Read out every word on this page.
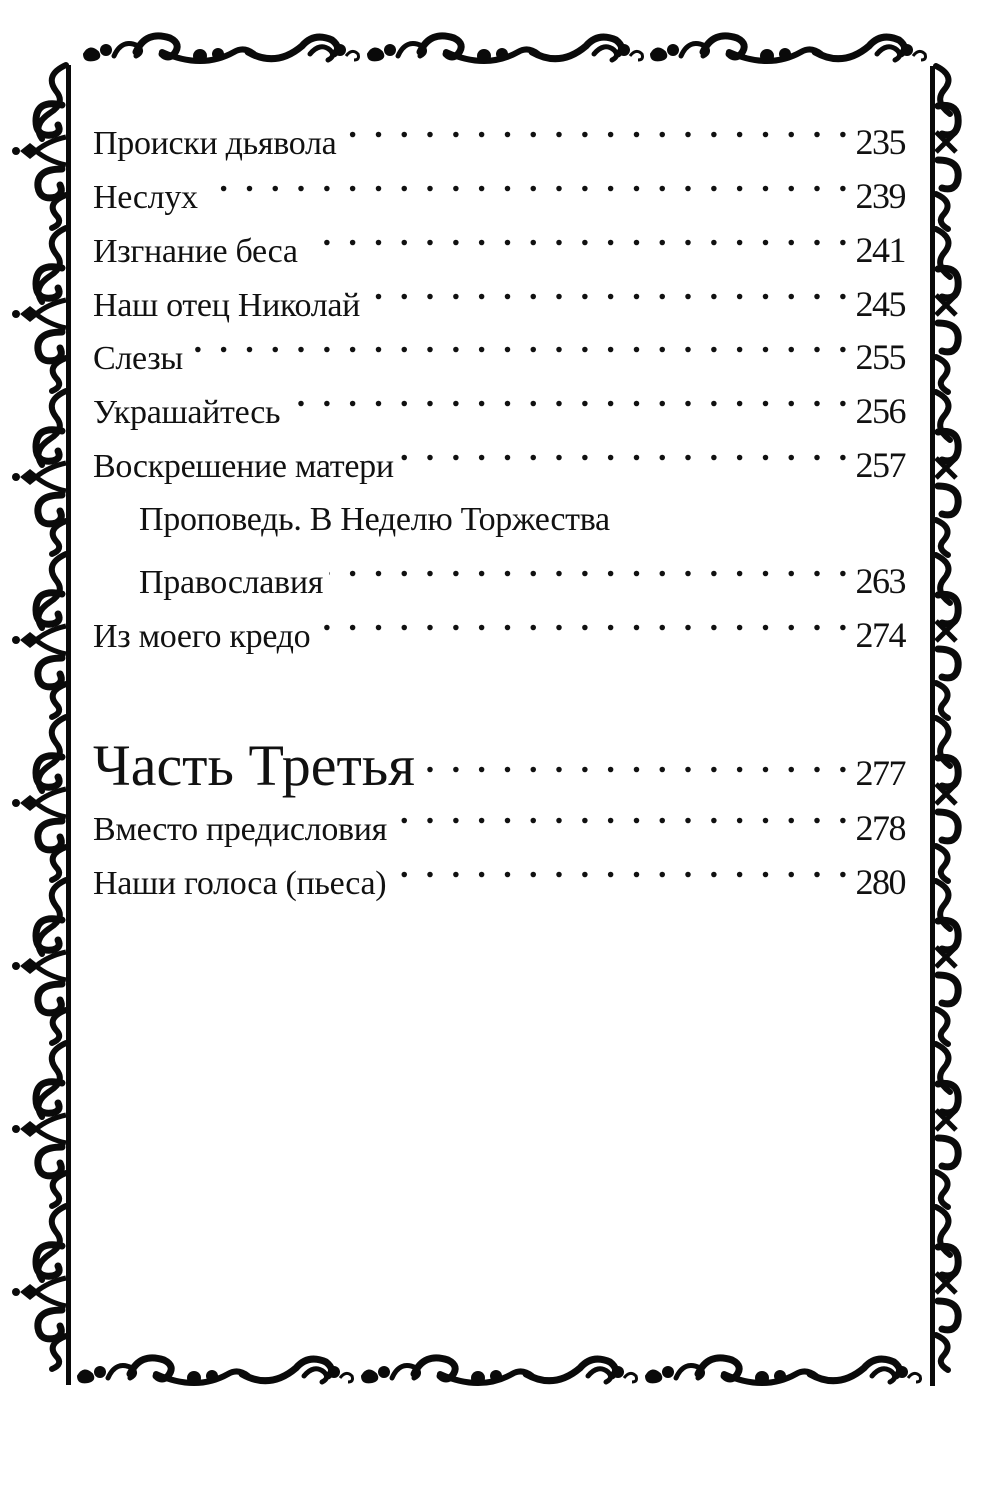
Происки дьявола . . .	235
Неслух . . .	239
Изгнание беса . . .	241
Наш отец Николай . . .	245
Слезы . . .	255
Украшайтесь . . .	256
Воскрешение матери . . .	257
Проповедь. В Неделю Торжества
Православия . . .	263
Из моего кредо . . .	274
Часть Третья . . .	277
Вместо предисловия . . .	278
Наши голоса (пьеса) . . .	280
